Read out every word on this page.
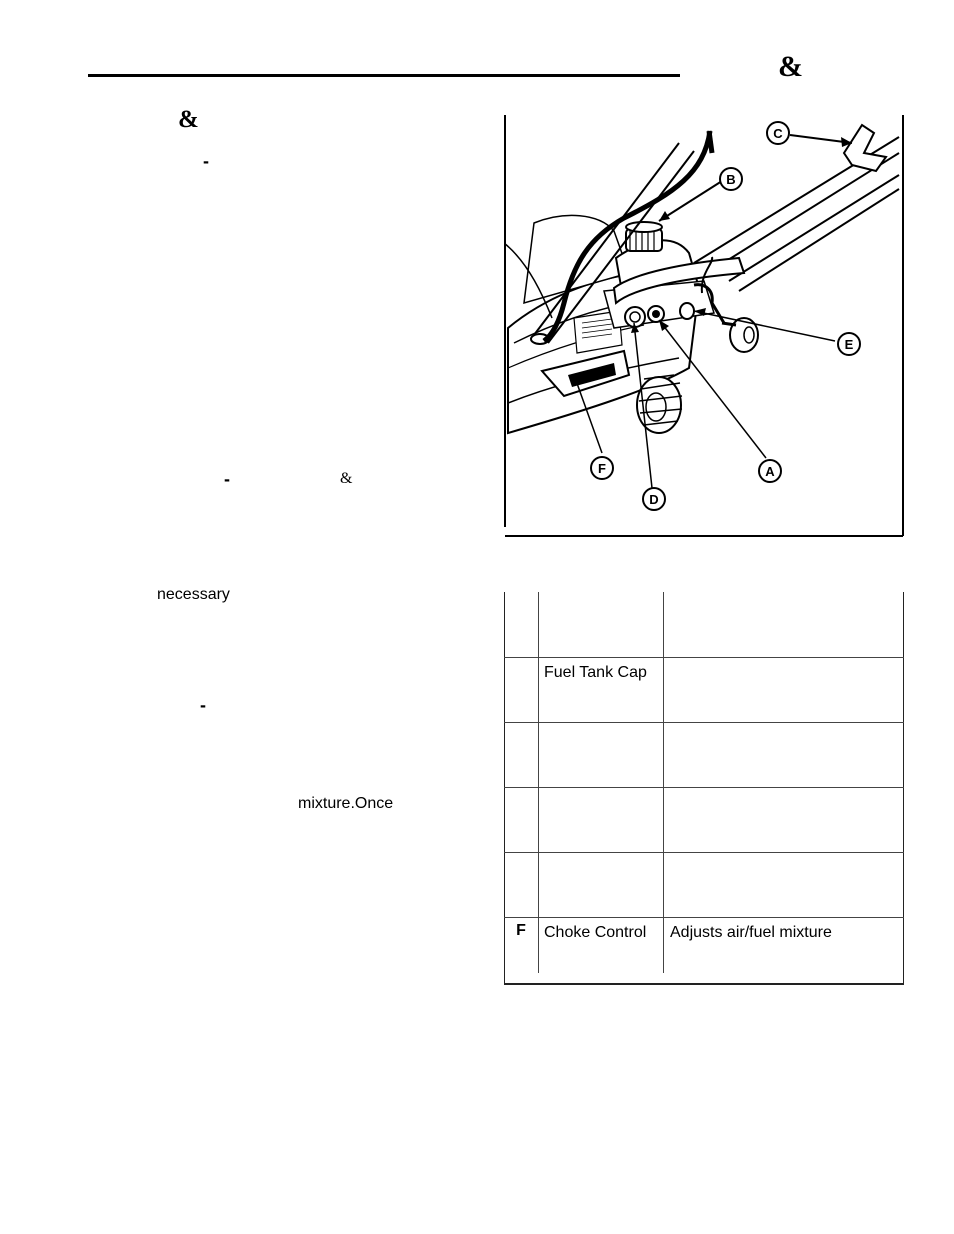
&
&
-
-	&
necessary
-
mixture.Once
C
B
E
F	A
D

	Fuel Tank Cap	

F	Choke Control	Adjusts air/fuel mixture
